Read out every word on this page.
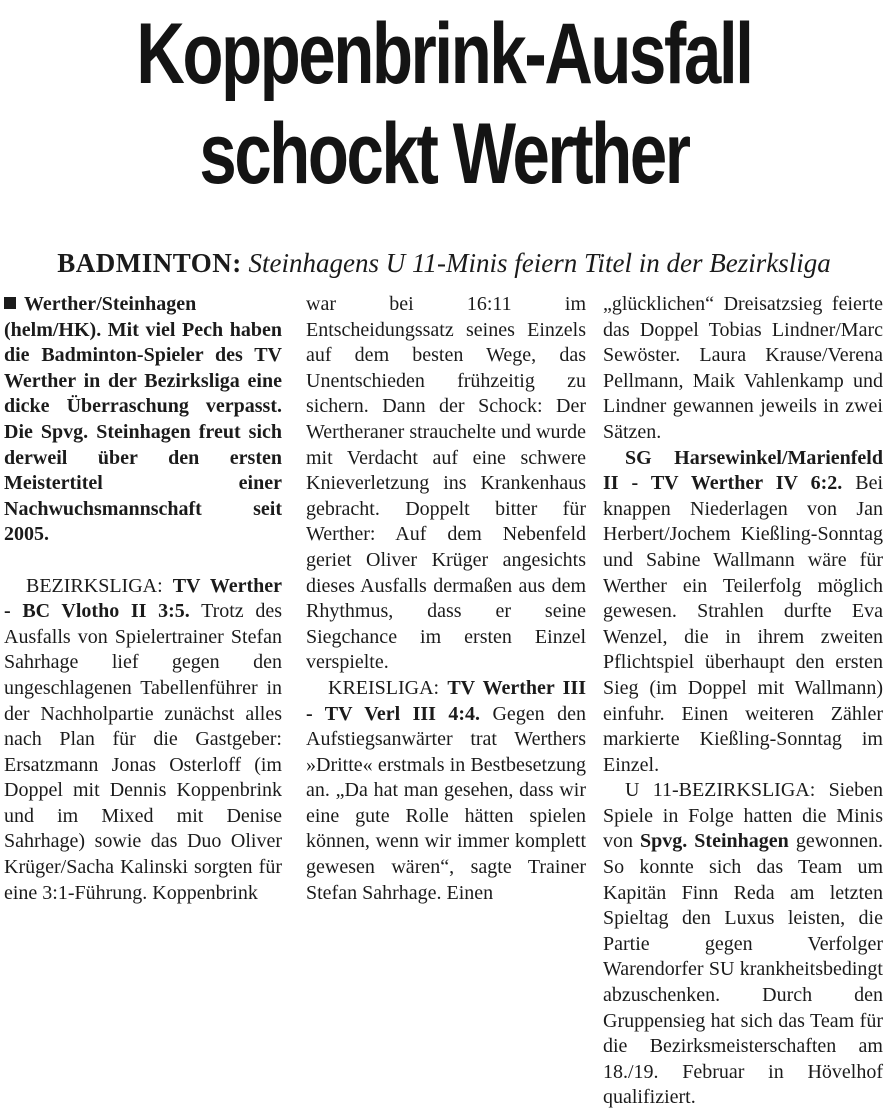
Koppenbrink-Ausfall
schockt Werther
BADMINTON: Steinhagens U 11-Minis feiern Titel in der Bezirksliga

Werther/Steinhagen (helm/HK). Mit viel Pech haben die Badminton-Spieler des TV Werther in der Bezirksliga eine dicke Überraschung verpasst. Die Spvg. Steinhagen freut sich derweil über den ersten Meistertitel einer Nachwuchsmannschaft seit 2005.

BEZIRKSLIGA: TV Werther - BC Vlotho II 3:5. Trotz des Ausfalls von Spielertrainer Stefan Sahrhage lief gegen den ungeschlagenen Tabellenführer in der Nachholpartie zunächst alles nach Plan für die Gastgeber: Ersatzmann Jonas Osterloff (im Doppel mit Dennis Koppenbrink und im Mixed mit Denise Sahrhage) sowie das Duo Oliver Krüger/Sacha Kalinski sorgten für eine 3:1-Führung. Koppenbrink

war bei 16:11 im Entscheidungssatz seines Einzels auf dem besten Wege, das Unentschieden frühzeitig zu sichern. Dann der Schock: Der Wertheraner strauchelte und wurde mit Verdacht auf eine schwere Knieverletzung ins Krankenhaus gebracht. Doppelt bitter für Werther: Auf dem Nebenfeld geriet Oliver Krüger angesichts dieses Ausfalls dermaßen aus dem Rhythmus, dass er seine Siegchance im ersten Einzel verspielte.

KREISLIGA: TV Werther III - TV Verl III 4:4. Gegen den Aufstiegsanwärter trat Werthers »Dritte« erstmals in Bestbesetzung an. „Da hat man gesehen, dass wir eine gute Rolle hätten spielen können, wenn wir immer komplett gewesen wären“, sagte Trainer Stefan Sahrhage. Einen

„glücklichen“ Dreisatzsieg feierte das Doppel Tobias Lindner/Marc Sewöster. Laura Krause/Verena Pellmann, Maik Vahlenkamp und Lindner gewannen jeweils in zwei Sätzen.

SG Harsewinkel/Marienfeld II - TV Werther IV 6:2. Bei knappen Niederlagen von Jan Herbert/Jochem Kießling-Sonntag und Sabine Wallmann wäre für Werther ein Teilerfolg möglich gewesen. Strahlen durfte Eva Wenzel, die in ihrem zweiten Pflichtspiel überhaupt den ersten Sieg (im Doppel mit Wallmann) einfuhr. Einen weiteren Zähler markierte Kießling-Sonntag im Einzel.

U 11-BEZIRKSLIGA: Sieben Spiele in Folge hatten die Minis von Spvg. Steinhagen gewonnen. So konnte sich das Team um Kapitän Finn Reda am letzten Spieltag den Luxus leisten, die Partie gegen Verfolger Warendorfer SU krankheitsbedingt abzuschenken. Durch den Gruppensieg hat sich das Team für die Bezirksmeisterschaften am 18./19. Februar in Hövelhof qualifiziert.
